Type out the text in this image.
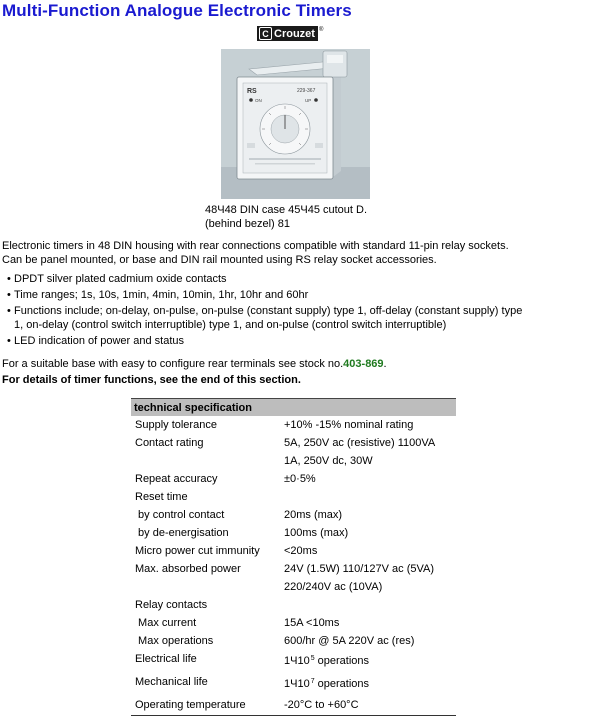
Multi-Function Analogue Electronic Timers
C Crouzet ®
RS	229-367
ON	UP
48Ч48 DIN case 45Ч45 cutout D.
(behind bezel) 81
Electronic timers in 48 DIN housing with rear connections compatible with standard 11-pin relay sockets.
Can be panel mounted, or base and DIN rail mounted using RS relay socket accessories.
• DPDT silver plated cadmium oxide contacts
• Time ranges; 1s, 10s, 1min, 4min, 10min, 1hr, 10hr and 60hr
• Functions include; on-delay, on-pulse, on-pulse (constant supply) type 1, off-delay (constant supply) type
1, on-delay (control switch interruptible) type 1, and on-pulse (control switch interruptible)
• LED indication of power and status
For a suitable base with easy to configure rear terminals see stock no.403-869.
For details of timer functions, see the end of this section.
technical specification
Supply tolerance	+10% -15% nominal rating
Contact rating	5A, 250V ac (resistive) 1100VA
1A, 250V dc, 30W
Repeat accuracy	±0·5%
Reset time
by control contact	20ms (max)
by de-energisation	100ms (max)
Micro power cut immunity <20ms
Max. absorbed power	24V (1.5W) 110/127V ac (5VA)
220/240V ac (10VA)
Relay contacts
Max current	15A <10ms
Max operations	600/hr @ 5A 220V ac (res)
Electrical life	$1Ч10^5$ operations
Mechanical life	$1Ч10^7$ operations
Operating temperature	-20°C to +60°C
